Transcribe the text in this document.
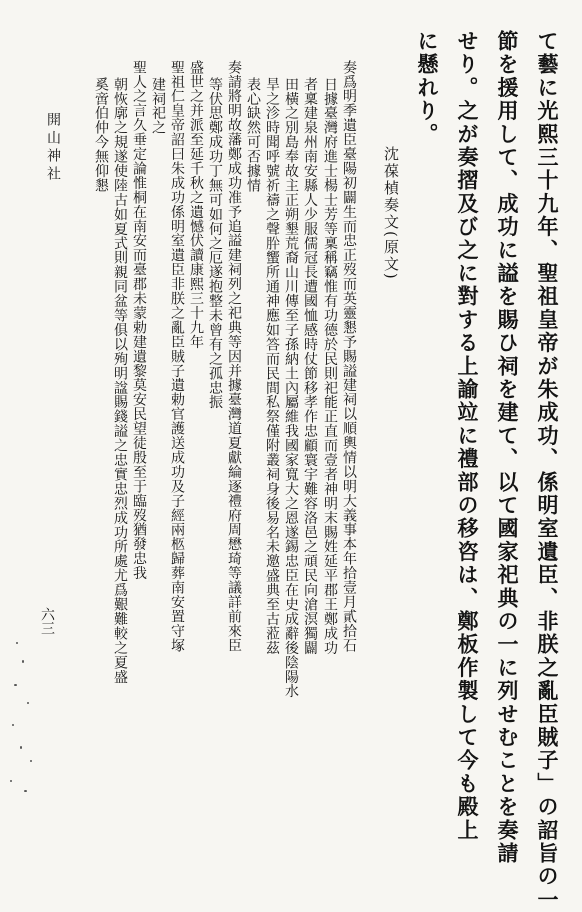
て藝に光熙三十九年、聖祖皇帝が朱成功、係明室遺臣、非朕之亂臣賊子」の詔旨の一

節を援用して、成功に謚を賜ひ祠を建て、以て國家祀典の一に列せむことを奏請

せり。之が奏摺及び之に對する上諭竝に禮部の移咨は、鄭板作製して今も殿上

に懸れり。

沈葆楨奏文(原文)

奏爲明季遺臣臺陽初闢生而忠正歿而英靈懇予賜謚建祠以順輿情以明大義事本年拾壹月貳拾石

日據臺灣府進士楊士芳等稟稱竊惟有功德於民則祀能正直而壹者神明末賜姓延平郡王鄭成功

者稟建泉州南安縣人少服儒冠長遭國恤感時仗節移孝作忠顧寰宇難容洛邑之頑民向滄溟獨闢

田橫之別島奉故主正朔墾荒裔山川傳至子孫納土內屬維我國家寬大之恩遂錫忠臣在史成辭後陰陽水

旱之沴時聞呼號祈禱之聲肸蠁所通神應如答而民間私祭僅附叢祠身後易名未邀盛典至古蒞茲

表心缺然可否據情

奏請將明故藩鄭成功准予追謚建祠列之祀典等因并據臺灣道夏獻綸逐禮府周懋琦等議詳前來臣

等伏思鄭成功丁無可如何之厄遂抱整未曾有之孤忠振

盛世之并派至延千秋之遺憾伏讀康熙三十九年

聖祖仁皇帝詔曰朱成功係明室遺臣非朕之亂臣賊子遺勅官護送成功及子經兩柩歸葬南安置守塚

建祠祀之

聖人之言久垂定論惟桐在南安而臺郡未蒙勅建遺黎莫安民望徒殷至于臨歿猶發忠我

朝恢廓之規遂使陸古如夏式則親同盆等俱以殉明諡賜錢謚之忠實忠烈成功所處尤爲艱難較之夏盛

奚啻伯仲今無仰懇

開山神社

六三
